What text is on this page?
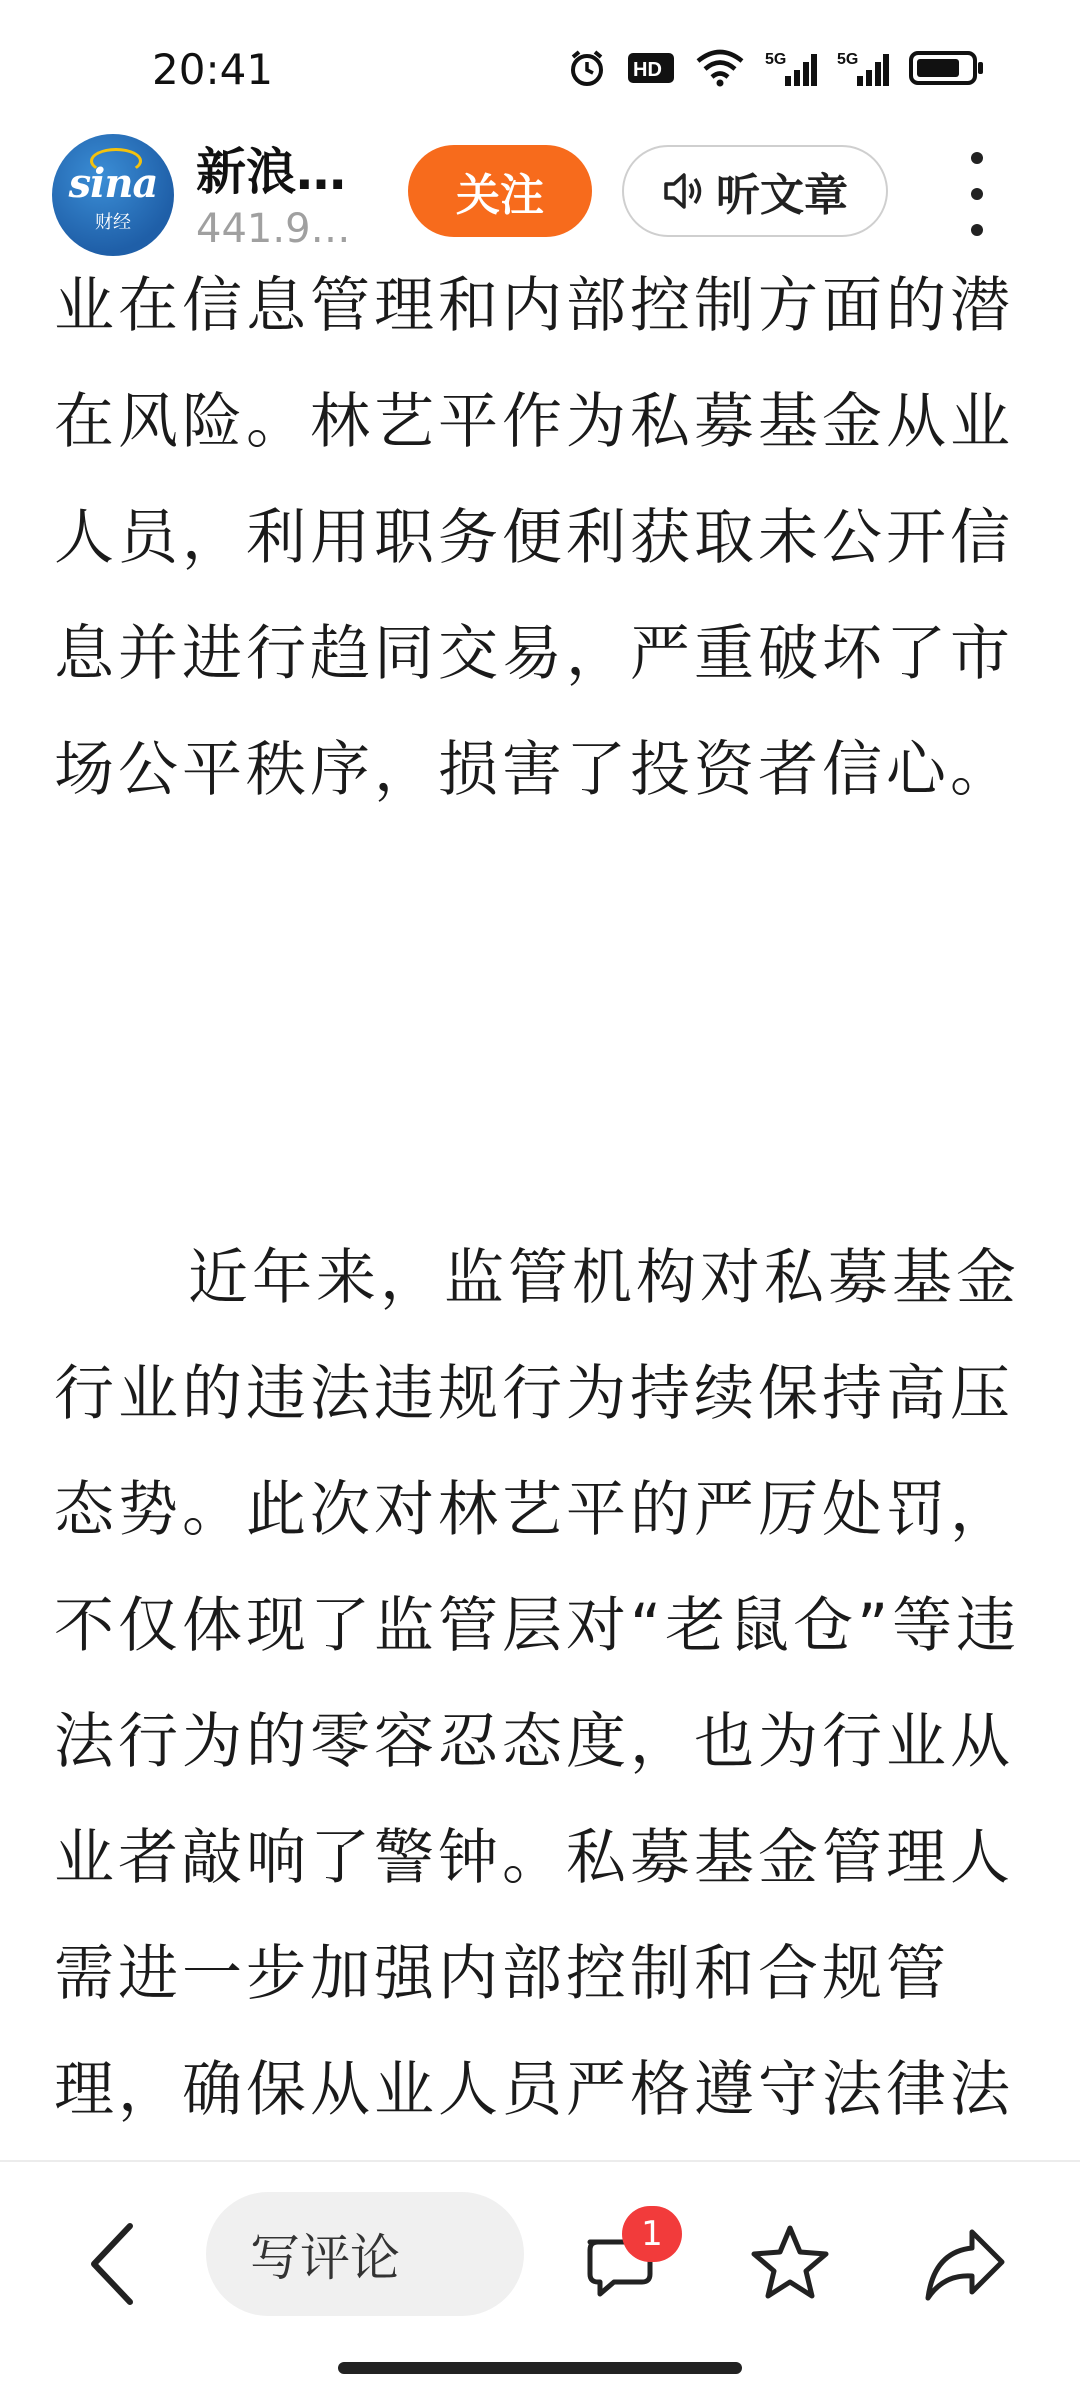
20:41	HD	5G	5G
sina
财经
新浪…
441.9…
关注	听文章

业在信息管理和内部控制方面的潜在风险。林艺平作为私募基金从业人员，利用职务便利获取未公开信息并进行趋同交易，严重破坏了市场公平秩序，损害了投资者信心。

近年来，监管机构对私募基金行业的违法违规行为持续保持高压态势。此次对林艺平的严厉处罚，不仅体现了监管层对“老鼠仓”等违法行为的零容忍态度，也为行业从业者敲响了警钟。私募基金管理人需进一步加强内部控制和合规管理，确保从业人员严格遵守法律法

写评论	1
